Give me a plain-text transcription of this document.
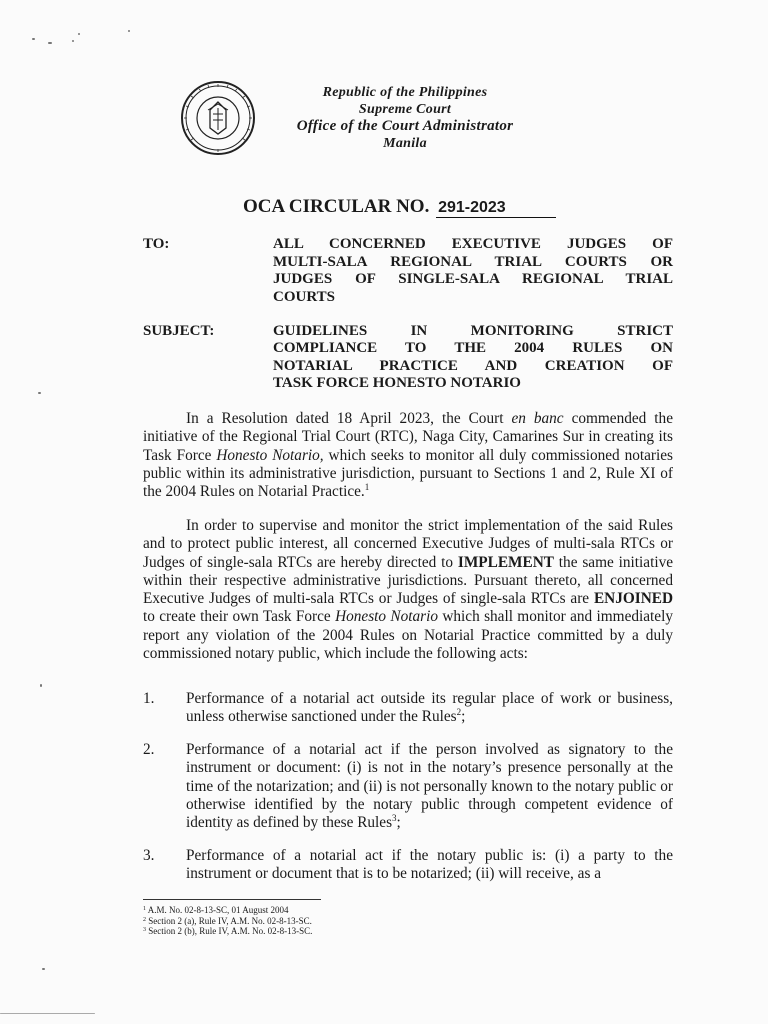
Republic of the Philippines
Supreme Court
Office of the Court Administrator
Manila
OCA CIRCULAR NO. 291-2023
TO:	ALL CONCERNED EXECUTIVE JUDGES OF
MULTI-SALA REGIONAL TRIAL COURTS OR
JUDGES OF SINGLE-SALA REGIONAL TRIAL
COURTS
SUBJECT:	GUIDELINES IN MONITORING STRICT
COMPLIANCE TO THE 2004 RULES ON
NOTARIAL PRACTICE AND CREATION OF
TASK FORCE HONESTO NOTARIO
In a Resolution dated 18 April 2023, the Court en banc commended the initiative of the Regional Trial Court (RTC), Naga City, Camarines Sur in creating its Task Force Honesto Notario, which seeks to monitor all duly commissioned notaries public within its administrative jurisdiction, pursuant to Sections 1 and 2, Rule XI of the 2004 Rules on Notarial Practice.$^1$
In order to supervise and monitor the strict implementation of the said Rules and to protect public interest, all concerned Executive Judges of multi-sala RTCs or Judges of single-sala RTCs are hereby directed to IMPLEMENT the same initiative within their respective administrative jurisdictions. Pursuant thereto, all concerned Executive Judges of multi-sala RTCs or Judges of single-sala RTCs are ENJOINED to create their own Task Force Honesto Notario which shall monitor and immediately report any violation of the 2004 Rules on Notarial Practice committed by a duly commissioned notary public, which include the following acts:
1. Performance of a notarial act outside its regular place of work or business, unless otherwise sanctioned under the Rules$^2$;
2. Performance of a notarial act if the person involved as signatory to the instrument or document: (i) is not in the notary’s presence personally at the time of the notarization; and (ii) is not personally known to the notary public or otherwise identified by the notary public through competent evidence of identity as defined by these Rules$^3$;
3. Performance of a notarial act if the notary public is: (i) a party to the instrument or document that is to be notarized; (ii) will receive, as a
$^1$ A.M. No. 02-8-13-SC, 01 August 2004
$^2$ Section 2 (a), Rule IV, A.M. No. 02-8-13-SC.
$^3$ Section 2 (b), Rule IV, A.M. No. 02-8-13-SC.
